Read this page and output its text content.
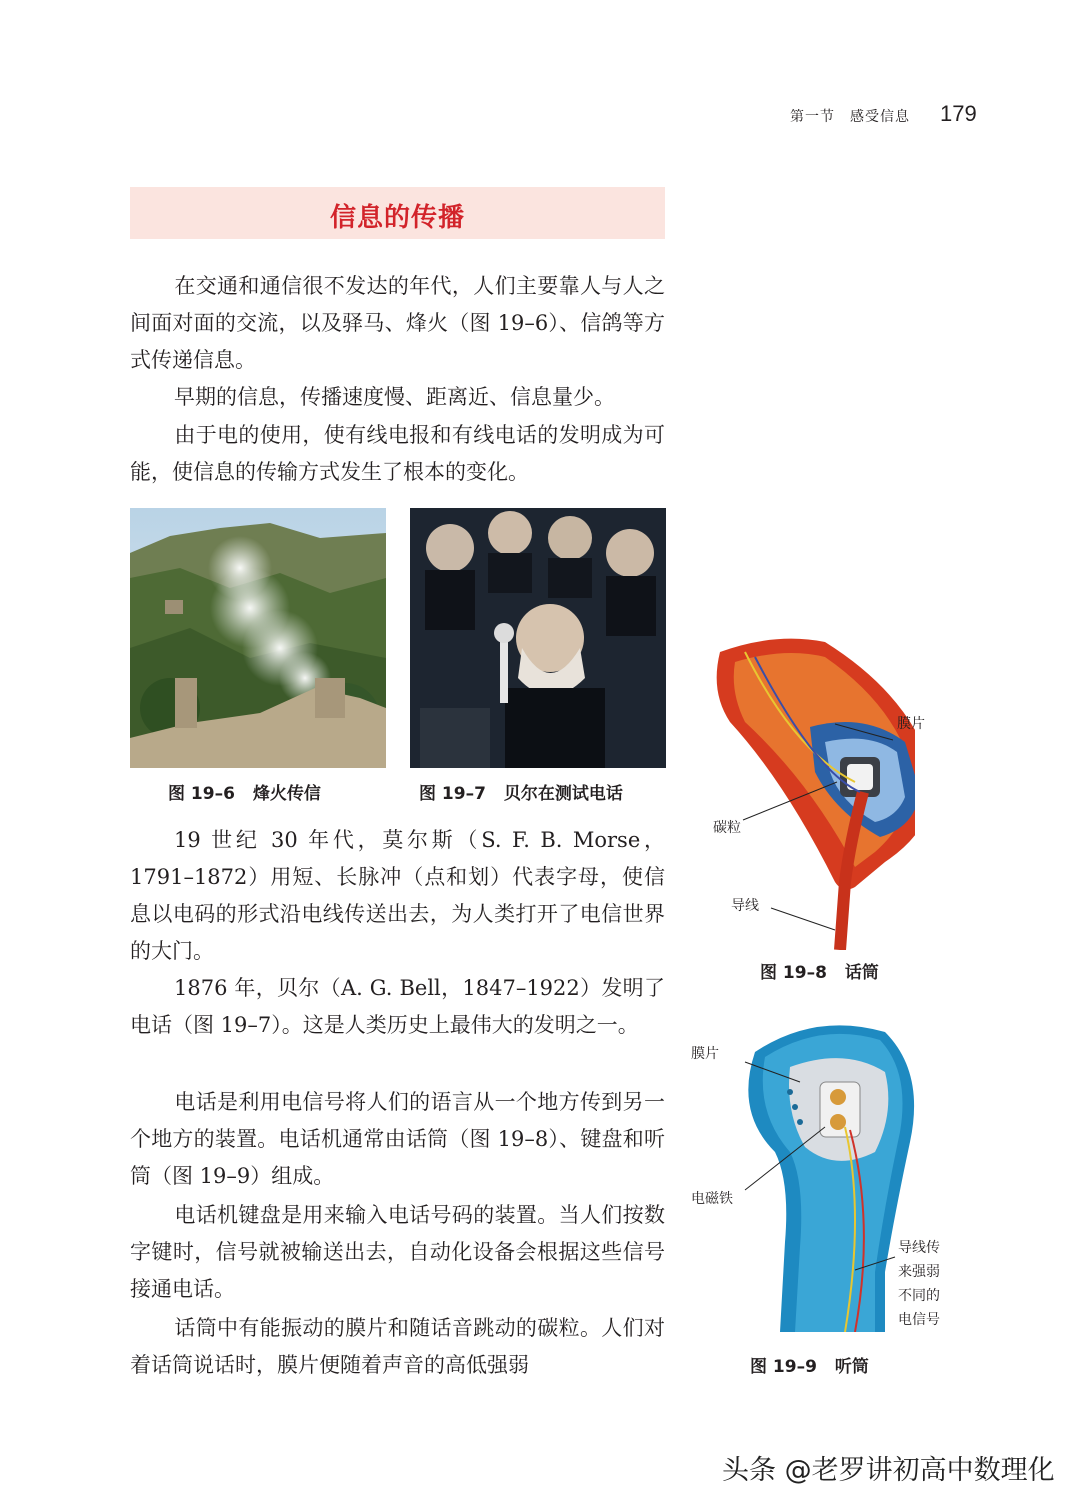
第一节　感受信息 179
信息的传播

在交通和通信很不发达的年代，人们主要靠人与人之间面对面的交流，以及驿马、烽火（图 19–6）、信鸽等方式传递信息。

早期的信息，传播速度慢、距离近、信息量少。

由于电的使用，使有线电报和有线电话的发明成为可能，使信息的传输方式发生了根本的变化。

图 19–6 烽火传信	图 19–7 贝尔在测试电话

19 世纪 30 年代，莫尔斯（S. F. B. Morse，1791–1872）用短、长脉冲（点和划）代表字母，使信息以电码的形式沿电线传送出去，为人类打开了电信世界的大门。

1876 年，贝尔（A. G. Bell，1847–1922）发明了电话（图 19–7）。这是人类历史上最伟大的发明之一。

电话是利用电信号将人们的语言从一个地方传到另一个地方的装置。电话机通常由话筒（图 19–8）、键盘和听筒（图 19–9）组成。

电话机键盘是用来输入电话号码的装置。当人们按数字键时，信号就被输送出去，自动化设备会根据这些信号接通电话。

话筒中有能振动的膜片和随话音跳动的碳粒。人们对着话筒说话时，膜片便随着声音的高低强弱

膜片
碳粒
导线
图 19–8 话筒
膜片
电磁铁
导线传
来强弱
不同的
电信号
图 19–9 听筒
头条 @老罗讲初高中数理化
